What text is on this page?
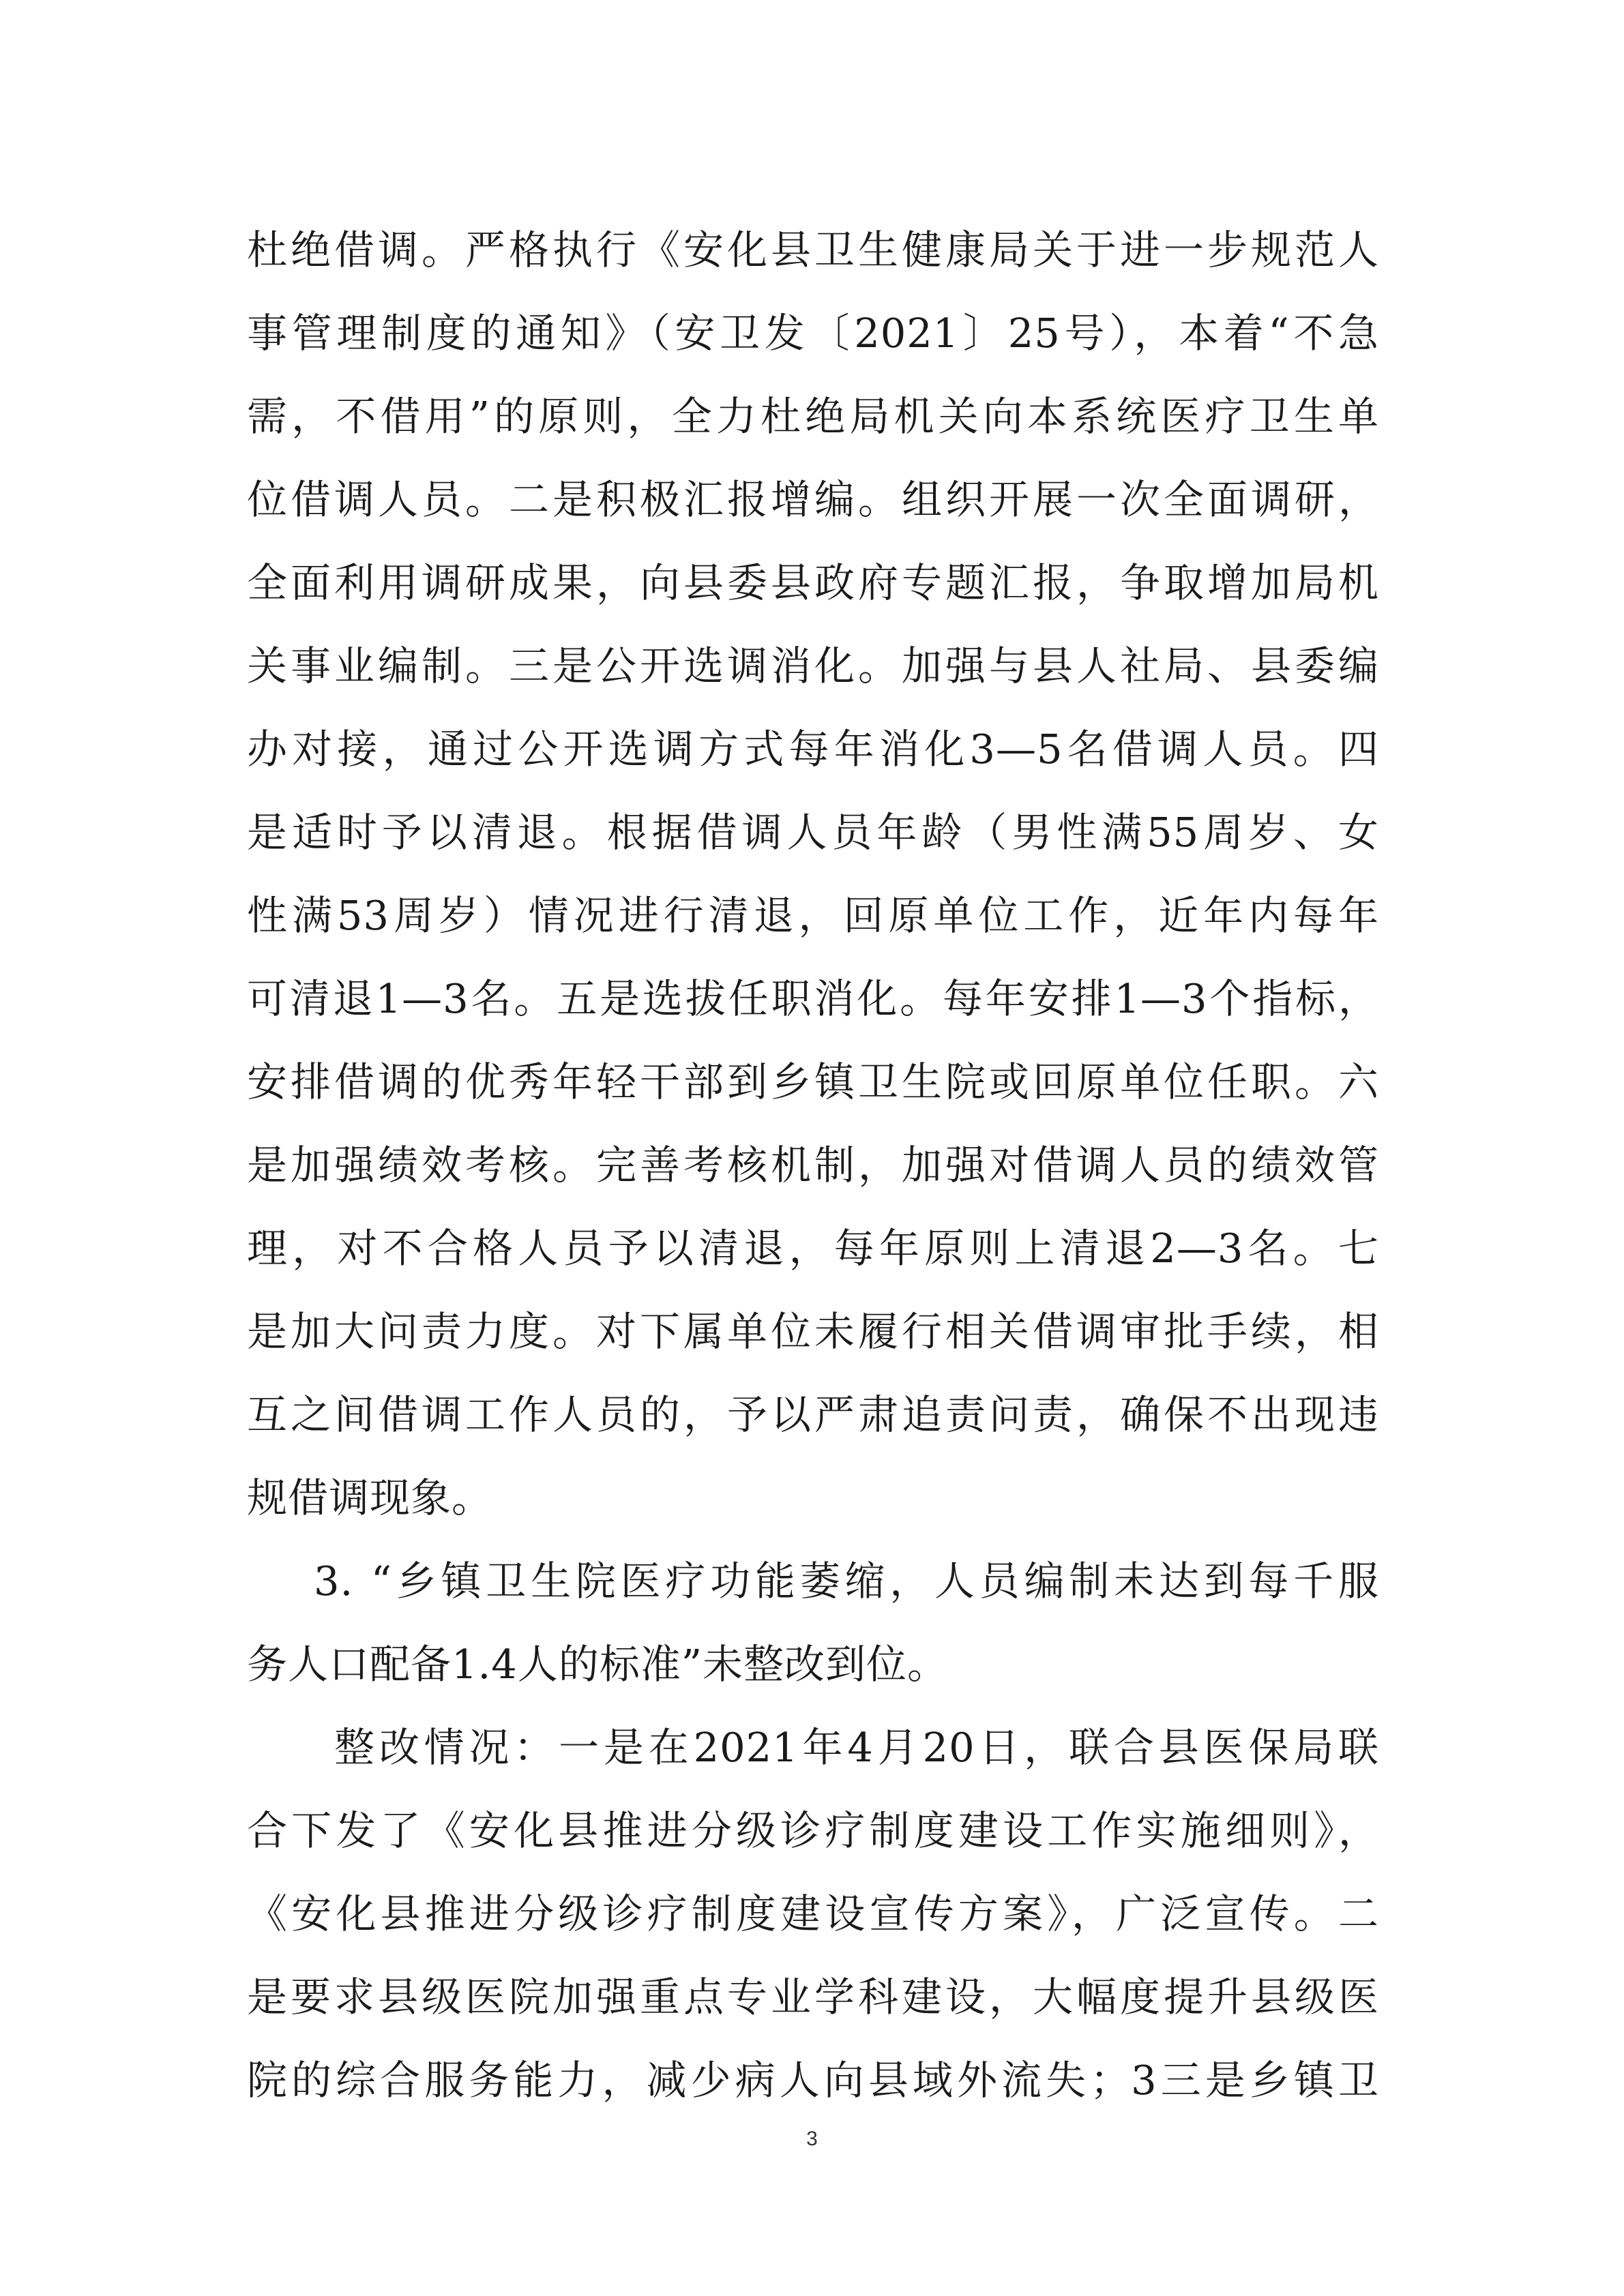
杜绝借调。严格执行《安化县卫生健康局关于进一步规范人
事管理制度的通知》（安卫发〔2021〕25号），本着“不急
需，不借用”的原则，全力杜绝局机关向本系统医疗卫生单
位借调人员。二是积极汇报增编。组织开展一次全面调研，
全面利用调研成果，向县委县政府专题汇报，争取增加局机
关事业编制。三是公开选调消化。加强与县人社局、县委编
办对接，通过公开选调方式每年消化3—5名借调人员。四
是适时予以清退。根据借调人员年龄（男性满55周岁、女
性满53周岁）情况进行清退，回原单位工作，近年内每年
可清退1—3名。五是选拔任职消化。每年安排1—3个指标，
安排借调的优秀年轻干部到乡镇卫生院或回原单位任职。六
是加强绩效考核。完善考核机制，加强对借调人员的绩效管
理，对不合格人员予以清退，每年原则上清退2—3名。七
是加大问责力度。对下属单位未履行相关借调审批手续，相
互之间借调工作人员的，予以严肃追责问责，确保不出现违
规借调现象。
3. “乡镇卫生院医疗功能萎缩，人员编制未达到每千服
务人口配备1.4人的标准”未整改到位。
整改情况：一是在2021年4月20日，联合县医保局联
合下发了《安化县推进分级诊疗制度建设工作实施细则》，
《安化县推进分级诊疗制度建设宣传方案》，广泛宣传。二
是要求县级医院加强重点专业学科建设，大幅度提升县级医
院的综合服务能力，减少病人向县域外流失；3三是乡镇卫
3
